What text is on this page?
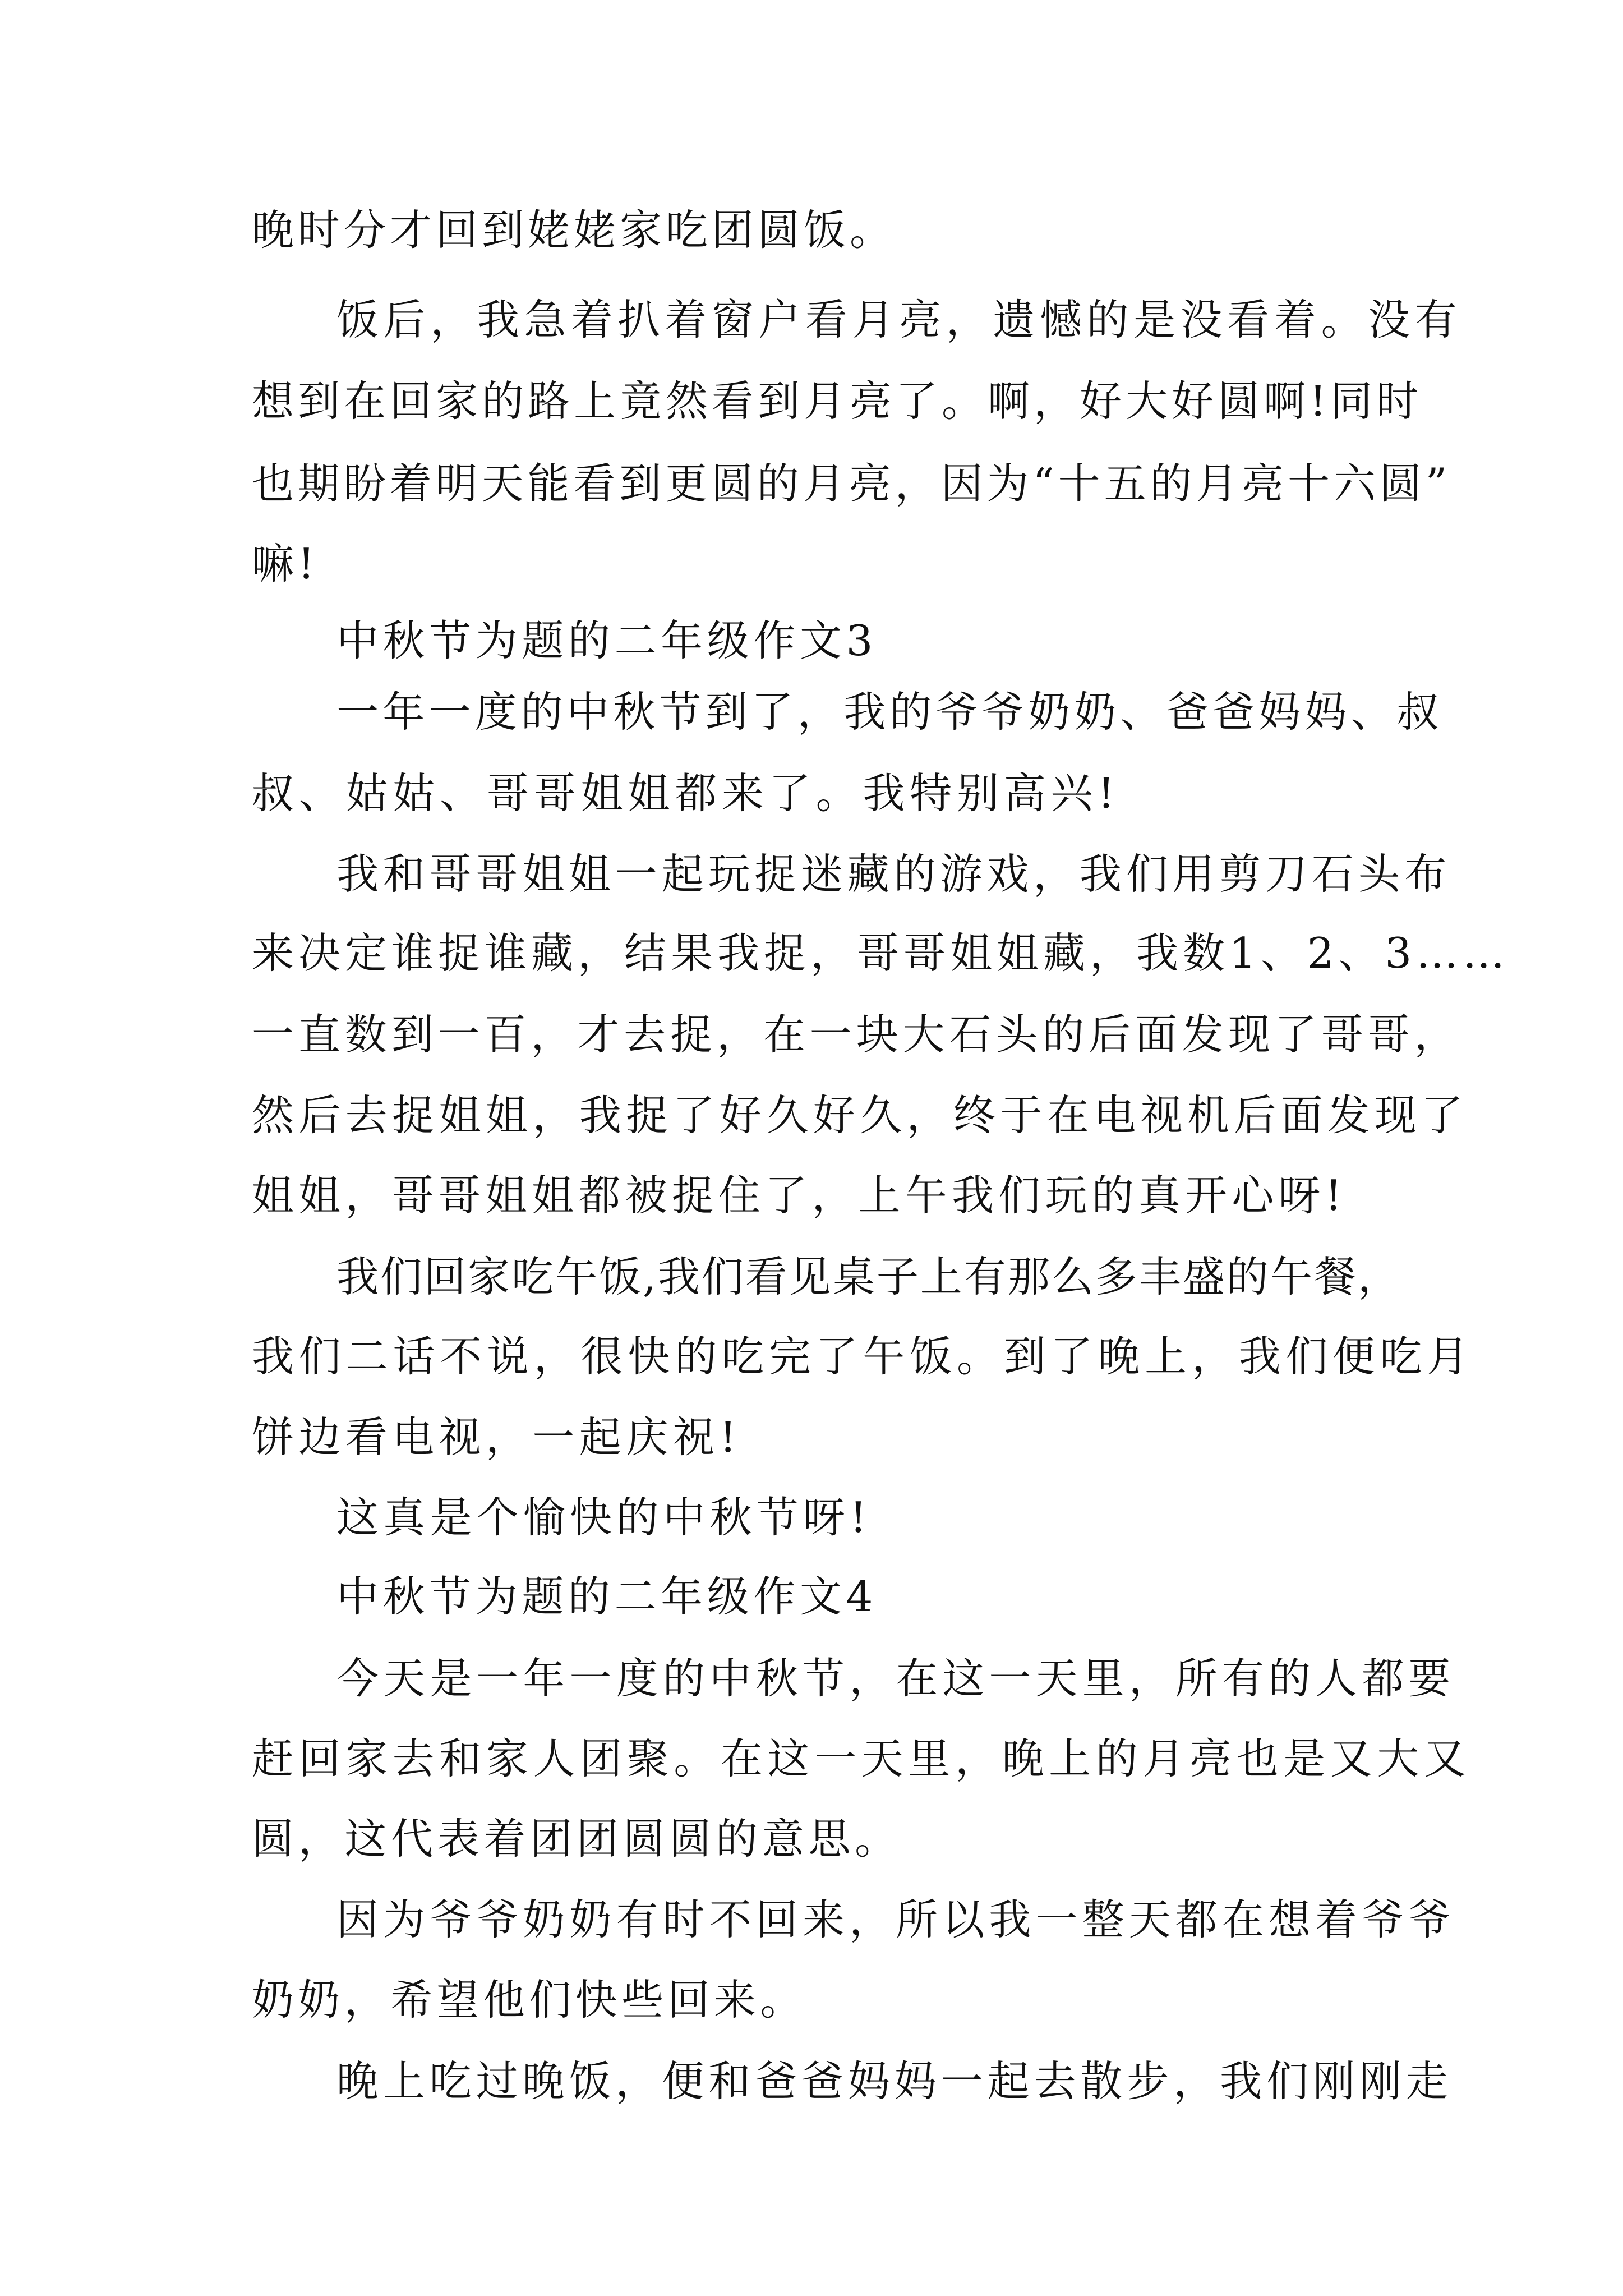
晚时分才回到姥姥家吃团圆饭。

饭后，我急着扒着窗户看月亮，遗憾的是没看着。没有

想到在回家的路上竟然看到月亮了。啊，好大好圆啊!同时

也期盼着明天能看到更圆的月亮，因为“十五的月亮十六圆”

嘛!

中秋节为题的二年级作文3

一年一度的中秋节到了，我的爷爷奶奶、爸爸妈妈、叔

叔、姑姑、哥哥姐姐都来了。我特别高兴!

我和哥哥姐姐一起玩捉迷藏的游戏，我们用剪刀石头布

来决定谁捉谁藏，结果我捉，哥哥姐姐藏，我数1、2、3……

一直数到一百，才去捉，在一块大石头的后面发现了哥哥，

然后去捉姐姐，我捉了好久好久，终于在电视机后面发现了

姐姐，哥哥姐姐都被捉住了，上午我们玩的真开心呀!

我们回家吃午饭,我们看见桌子上有那么多丰盛的午餐，

我们二话不说，很快的吃完了午饭。到了晚上，我们便吃月

饼边看电视，一起庆祝!

这真是个愉快的中秋节呀!

中秋节为题的二年级作文4

今天是一年一度的中秋节，在这一天里，所有的人都要

赶回家去和家人团聚。在这一天里，晚上的月亮也是又大又

圆，这代表着团团圆圆的意思。

因为爷爷奶奶有时不回来，所以我一整天都在想着爷爷

奶奶，希望他们快些回来。

晚上吃过晚饭，便和爸爸妈妈一起去散步，我们刚刚走
